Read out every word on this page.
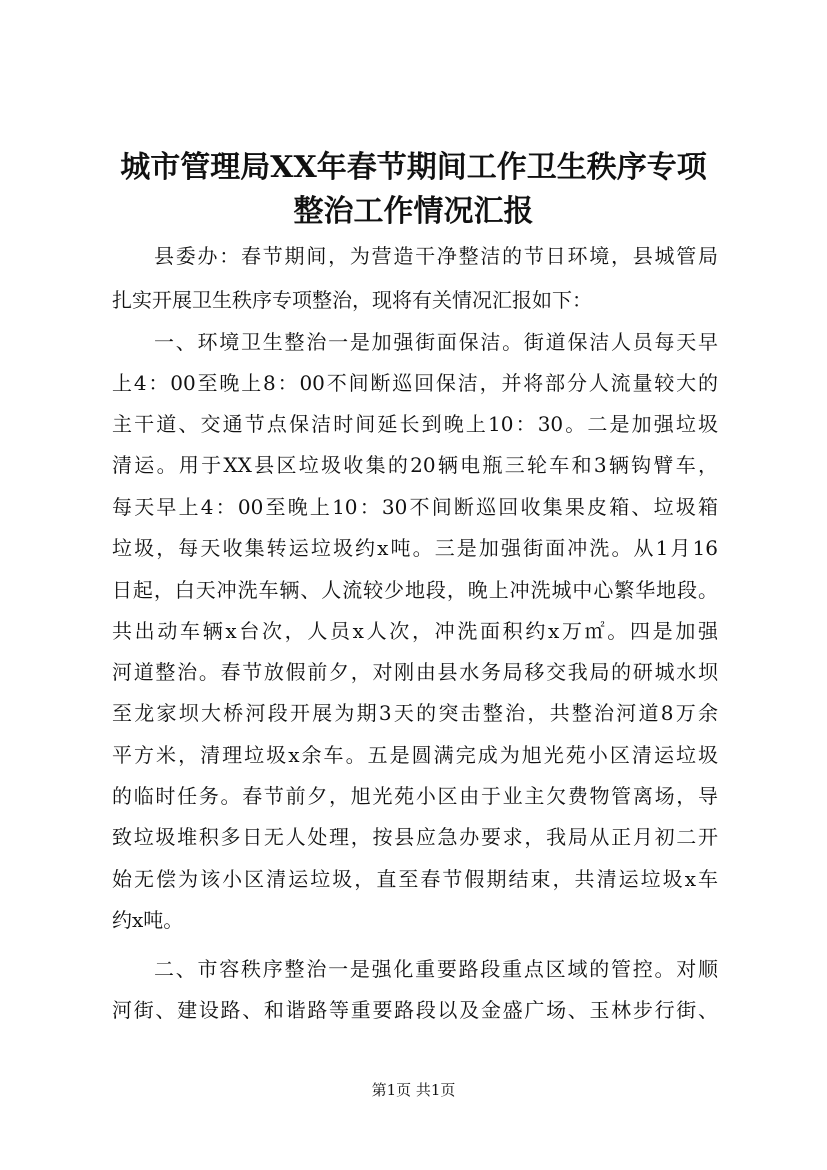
城市管理局XX年春节期间工作卫生秩序专项
整治工作情况汇报
县委办：春节期间，为营造干净整洁的节日环境，县城管局
扎实开展卫生秩序专项整治，现将有关情况汇报如下：
一、环境卫生整治一是加强街面保洁。街道保洁人员每天早
上4：00至晚上8：00不间断巡回保洁，并将部分人流量较大的
主干道、交通节点保洁时间延长到晚上10：30。二是加强垃圾
清运。用于XX县区垃圾收集的20辆电瓶三轮车和3辆钩臂车，
每天早上4：00至晚上10：30不间断巡回收集果皮箱、垃圾箱
垃圾，每天收集转运垃圾约x吨。三是加强街面冲洗。从1月16
日起，白天冲洗车辆、人流较少地段，晚上冲洗城中心繁华地段。
共出动车辆x台次，人员x人次，冲洗面积约x万㎡。四是加强
河道整治。春节放假前夕，对刚由县水务局移交我局的研城水坝
至龙家坝大桥河段开展为期3天的突击整治，共整治河道8万余
平方米，清理垃圾x余车。五是圆满完成为旭光苑小区清运垃圾
的临时任务。春节前夕，旭光苑小区由于业主欠费物管离场，导
致垃圾堆积多日无人处理，按县应急办要求，我局从正月初二开
始无偿为该小区清运垃圾，直至春节假期结束，共清运垃圾x车
约x吨。
二、市容秩序整治一是强化重要路段重点区域的管控。对顺
河街、建设路、和谐路等重要路段以及金盛广场、玉林步行街、
第1页 共1页
